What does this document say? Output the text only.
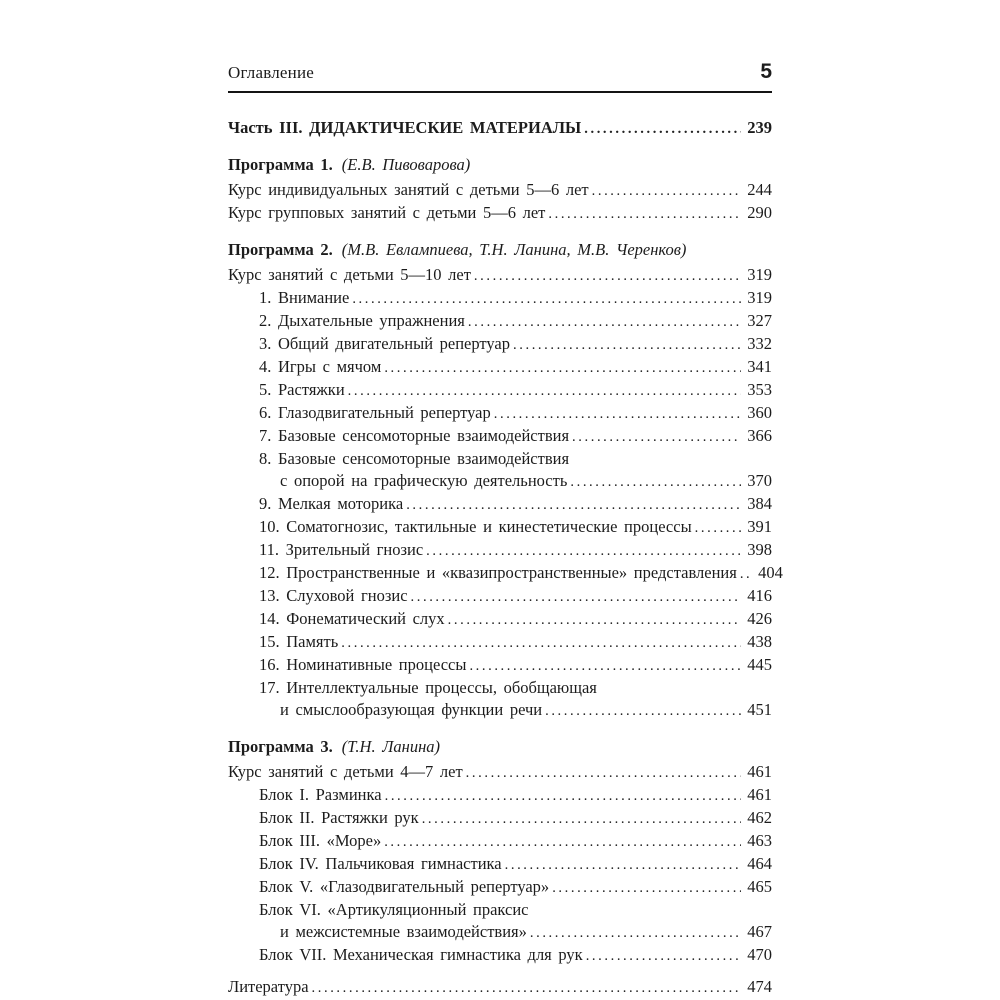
Оглавление	5
Часть III. ДИДАКТИЧЕСКИЕ МАТЕРИАЛЫ .....	239
Программа 1. (Е.В. Пивоварова)
Курс индивидуальных занятий с детьми 5—6 лет .....	244
Курс групповых занятий с детьми 5—6 лет .....	290
Программа 2. (М.В. Евлампиева, Т.Н. Ланина, М.В. Черенков)
Курс занятий с детьми 5—10 лет .....	319
1. Внимание .....	319
2. Дыхательные упражнения .....	327
3. Общий двигательный репертуар .....	332
4. Игры с мячом .....	341
5. Растяжки .....	353
6. Глазодвигательный репертуар .....	360
7. Базовые сенсомоторные взаимодействия .....	366
8. Базовые сенсомоторные взаимодействия
с опорой на графическую деятельность .....	370
9. Мелкая моторика .....	384
10. Соматогнозис, тактильные и кинестетические процессы .....	391
11. Зрительный гнозис .....	398
12. Пространственные и «квазипространственные» представления ..... 404
13. Слуховой гнозис .....	416
14. Фонематический слух .....	426
15. Память .....	438
16. Номинативные процессы .....	445
17. Интеллектуальные процессы, обобщающая
и смыслообразующая функции речи .....	451
Программа 3. (Т.Н. Ланина)
Курс занятий с детьми 4—7 лет .....	461
Блок I. Разминка .....	461
Блок II. Растяжки рук .....	462
Блок III. «Море» .....	463
Блок IV. Пальчиковая гимнастика .....	464
Блок V. «Глазодвигательный репертуар» .....	465
Блок VI. «Артикуляционный праксис
и межсистемные взаимодействия» .....	467
Блок VII. Механическая гимнастика для рук .....	470
Литература .....	474
